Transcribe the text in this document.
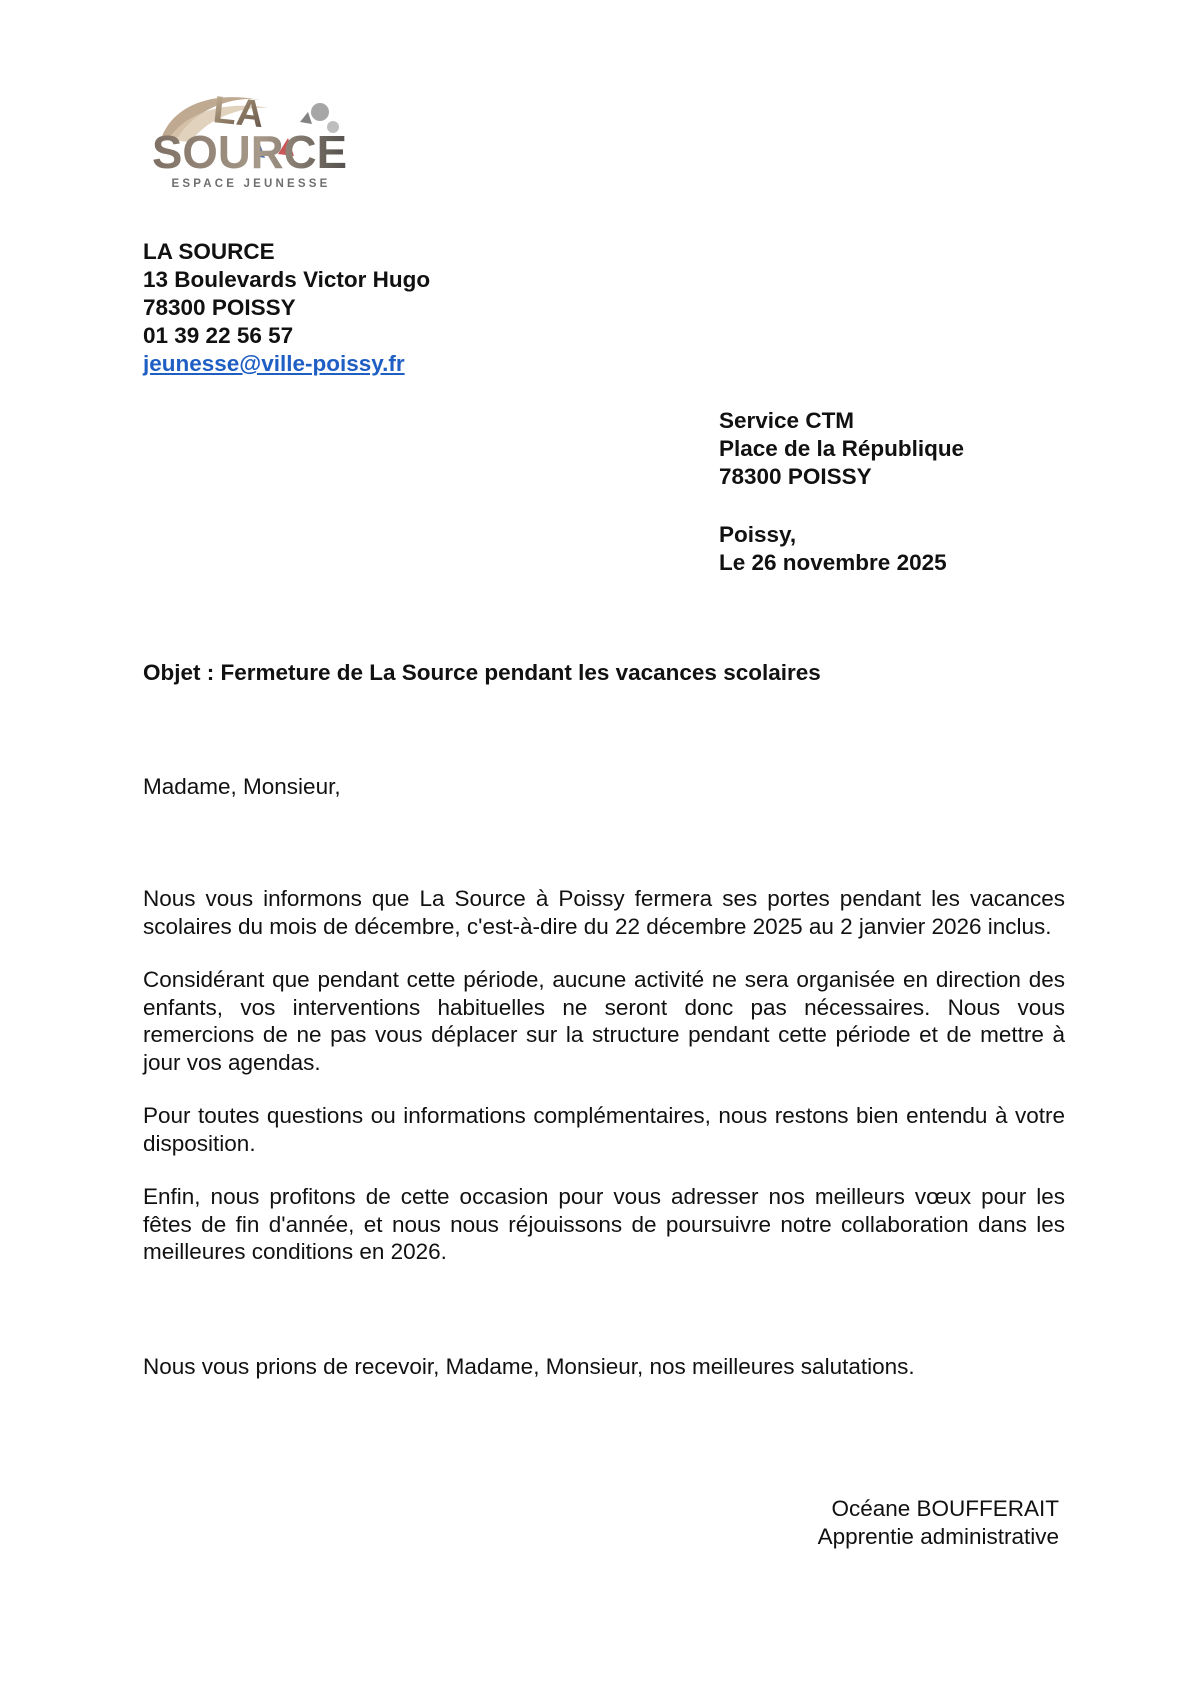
LA
SOURCE
ESPACE JEUNESSE
LA SOURCE
13 Boulevards Victor Hugo
78300 POISSY
01 39 22 56 57
jeunesse@ville-poissy.fr
Service CTM
Place de la République
78300 POISSY
Poissy,
Le 26 novembre 2025
Objet : Fermeture de La Source pendant les vacances scolaires
Madame, Monsieur,

Nous vous informons que La Source à Poissy fermera ses portes pendant les vacances scolaires du mois de décembre, c'est-à-dire du 22 décembre 2025 au 2 janvier 2026 inclus.

Considérant que pendant cette période, aucune activité ne sera organisée en direction des enfants, vos interventions habituelles ne seront donc pas nécessaires. Nous vous remercions de ne pas vous déplacer sur la structure pendant cette période et de mettre à jour vos agendas.

Pour toutes questions ou informations complémentaires, nous restons bien entendu à votre disposition.

Enfin, nous profitons de cette occasion pour vous adresser nos meilleurs vœux pour les fêtes de fin d'année, et nous nous réjouissons de poursuivre notre collaboration dans les meilleures conditions en 2026.

Nous vous prions de recevoir, Madame, Monsieur, nos meilleures salutations.
Océane BOUFFERAIT
Apprentie administrative
